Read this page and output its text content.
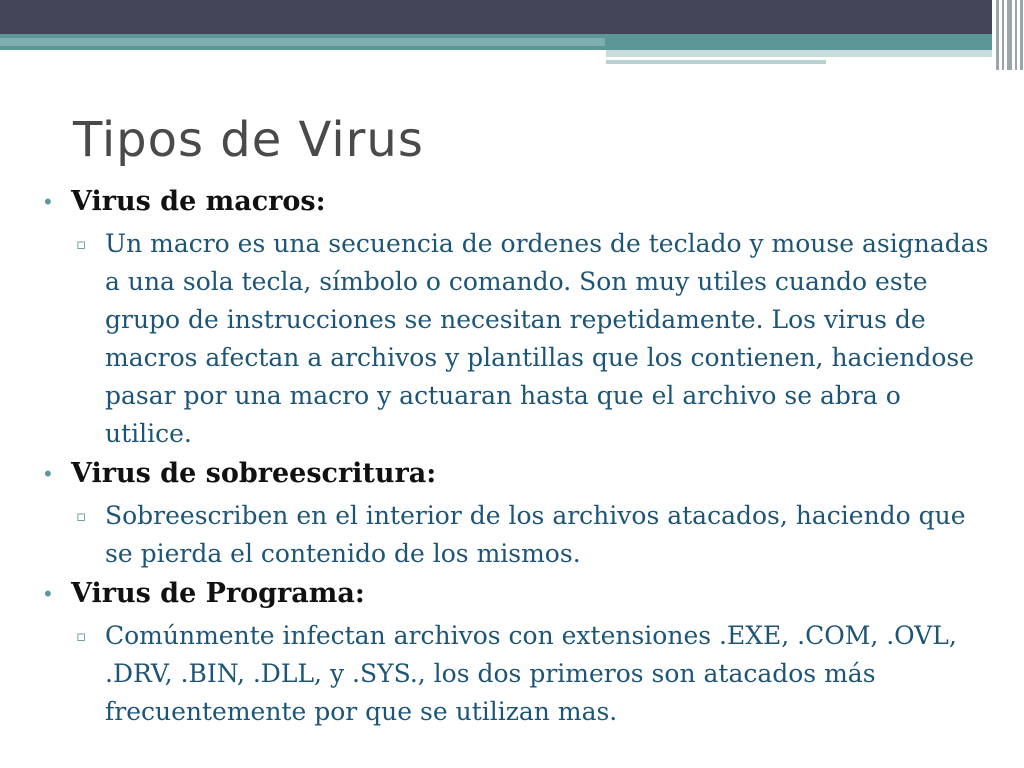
Tipos de Virus
• Virus de macros:
▫ Un macro es una secuencia de ordenes de teclado y mouse asignadas a una sola tecla, símbolo o comando. Son muy utiles cuando este grupo de instrucciones se necesitan repetidamente. Los virus de macros afectan a archivos y plantillas que los contienen, haciendose pasar por una macro y actuaran hasta que el archivo se abra o utilice.
• Virus de sobreescritura:
▫ Sobreescriben en el interior de los archivos atacados, haciendo que se pierda el contenido de los mismos.
• Virus de Programa:
▫ Comúnmente infectan archivos con extensiones .EXE, .COM, .OVL, .DRV, .BIN, .DLL, y .SYS., los dos primeros son atacados más frecuentemente por que se utilizan mas.
